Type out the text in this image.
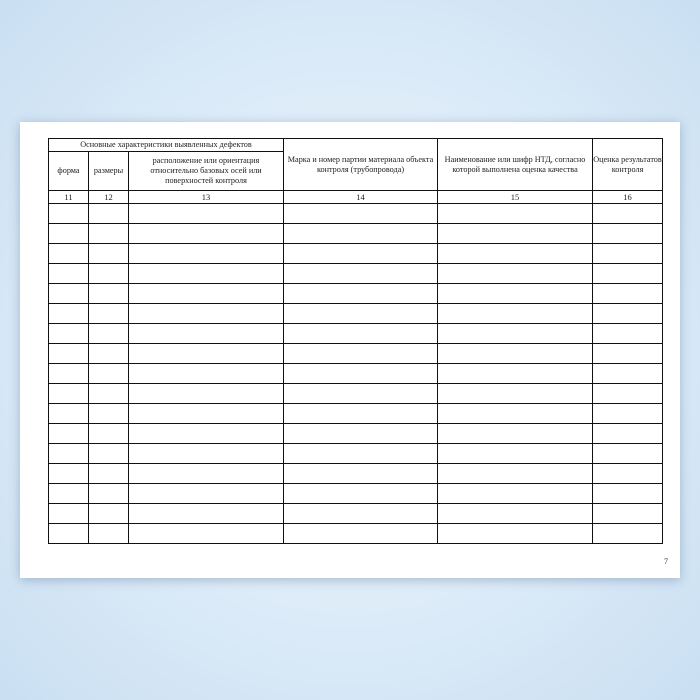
Основные характеристики выявленных дефектов			Марка и номер партии материала объекта контроля (трубопровода)	Наименование или шифр НТД, согласно которой выполнена оценка качества	Оценка результатов контроля
форма	размеры	расположение или ориентация относительно базовых осей или поверхностей контроля			
11	12	13	14	15	16

7
